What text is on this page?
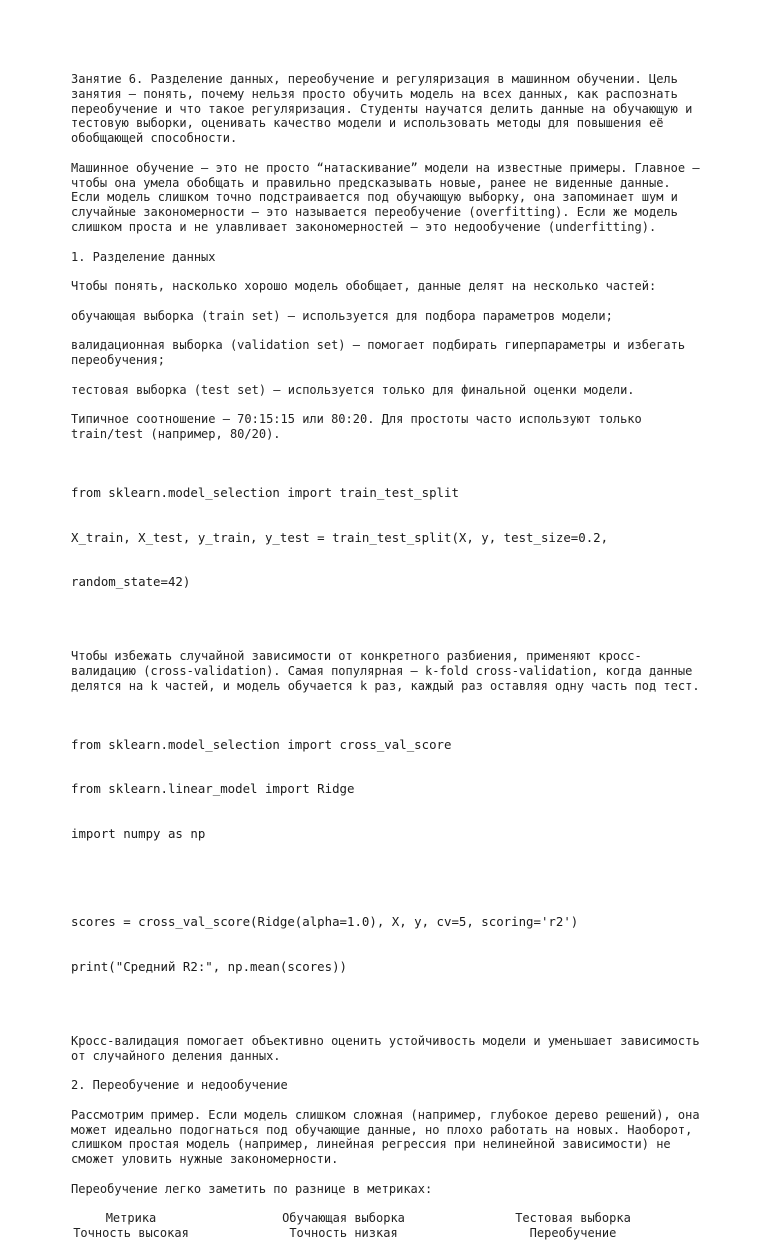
Занятие 6. Разделение данных, переобучение и регуляризация в машинном обучении. Цель занятия — понять, почему нельзя просто обучить модель на всех данных, как распознать переобучение и что такое регуляризация. Студенты научатся делить данные на обучающую и тестовую выборки, оценивать качество модели и использовать методы для повышения её обобщающей способности.

Машинное обучение — это не просто “натаскивание” модели на известные примеры. Главное — чтобы она умела обобщать и правильно предсказывать новые, ранее не виденные данные. Если модель слишком точно подстраивается под обучающую выборку, она запоминает шум и случайные закономерности — это называется переобучение (overfitting). Если же модель слишком проста и не улавливает закономерностей — это недообучение (underfitting).

1. Разделение данных

Чтобы понять, насколько хорошо модель обобщает, данные делят на несколько частей:

обучающая выборка (train set) — используется для подбора параметров модели;

валидационная выборка (validation set) — помогает подбирать гиперпараметры и избегать переобучения;

тестовая выборка (test set) — используется только для финальной оценки модели.

Типичное соотношение — 70:15:15 или 80:20. Для простоты часто используют только train/test (например, 80/20).

from sklearn.model_selection import train_test_split

X_train, X_test, y_train, y_test = train_test_split(X, y, test_size=0.2,

random_state=42)

Чтобы избежать случайной зависимости от конкретного разбиения, применяют кросс-валидацию (cross-validation). Самая популярная — k-fold cross-validation, когда данные делятся на k частей, и модель обучается k раз, каждый раз оставляя одну часть под тест.

from sklearn.model_selection import cross_val_score

from sklearn.linear_model import Ridge

import numpy as np

scores = cross_val_score(Ridge(alpha=1.0), X, y, cv=5, scoring='r2')

print("Средний R2:", np.mean(scores))

Кросс-валидация помогает объективно оценить устойчивость модели и уменьшает зависимость от случайного деления данных.

2. Переобучение и недообучение

Рассмотрим пример. Если модель слишком сложная (например, глубокое дерево решений), она может идеально подогнаться под обучающие данные, но плохо работать на новых. Наоборот, слишком простая модель (например, линейная регрессия при нелинейной зависимости) не сможет уловить нужные закономерности.

Переобучение легко заметить по разнице в метриках:

Метрика	Обучающая выборка	Тестовая выборка
Точность высокая	Точность низкая	Переобучение
